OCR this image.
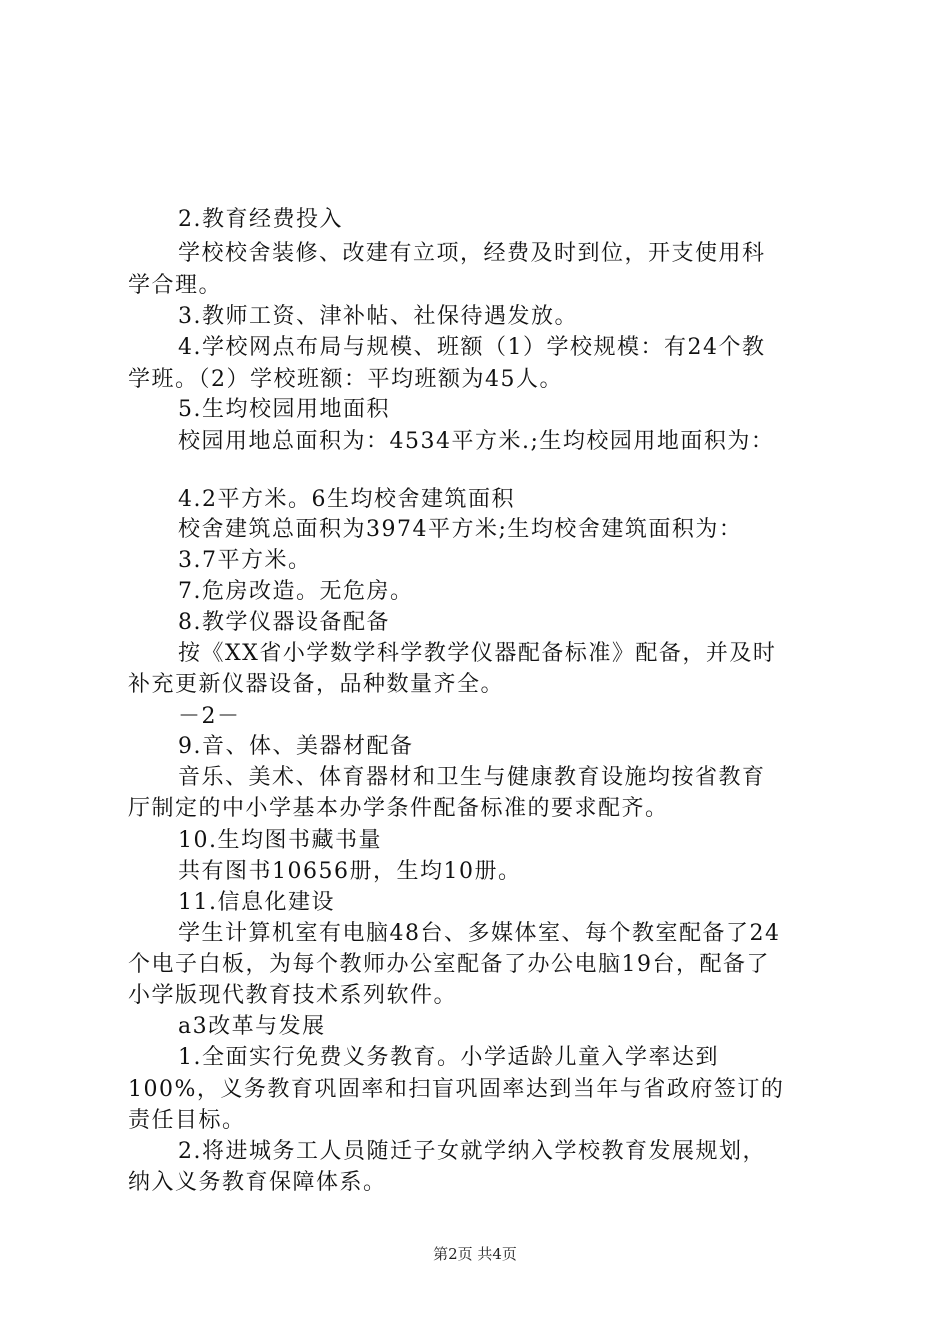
2.教育经费投入
学校校舍装修、改建有立项，经费及时到位，开支使用科
学合理。
3.教师工资、津补帖、社保待遇发放。
4.学校网点布局与规模、班额（1）学校规模：有24个教
学班。（2）学校班额：平均班额为45人。
5.生均校园用地面积
校园用地总面积为：4534平方米.;生均校园用地面积为：
4.2平方米。6生均校舍建筑面积
校舍建筑总面积为3974平方米;生均校舍建筑面积为：
3.7平方米。
7.危房改造。无危房。
8.教学仪器设备配备
按《XX省小学数学科学教学仪器配备标准》配备，并及时
补充更新仪器设备，品种数量齐全。
－2－
9.音、体、美器材配备
音乐、美术、体育器材和卫生与健康教育设施均按省教育
厅制定的中小学基本办学条件配备标准的要求配齐。
10.生均图书藏书量
共有图书10656册，生均10册。
11.信息化建设
学生计算机室有电脑48台、多媒体室、每个教室配备了24
个电子白板，为每个教师办公室配备了办公电脑19台，配备了
小学版现代教育技术系列软件。
a3改革与发展
1.全面实行免费义务教育。小学适龄儿童入学率达到
100%，义务教育巩固率和扫盲巩固率达到当年与省政府签订的
责任目标。
2.将进城务工人员随迁子女就学纳入学校教育发展规划，
纳入义务教育保障体系。
第2页 共4页
